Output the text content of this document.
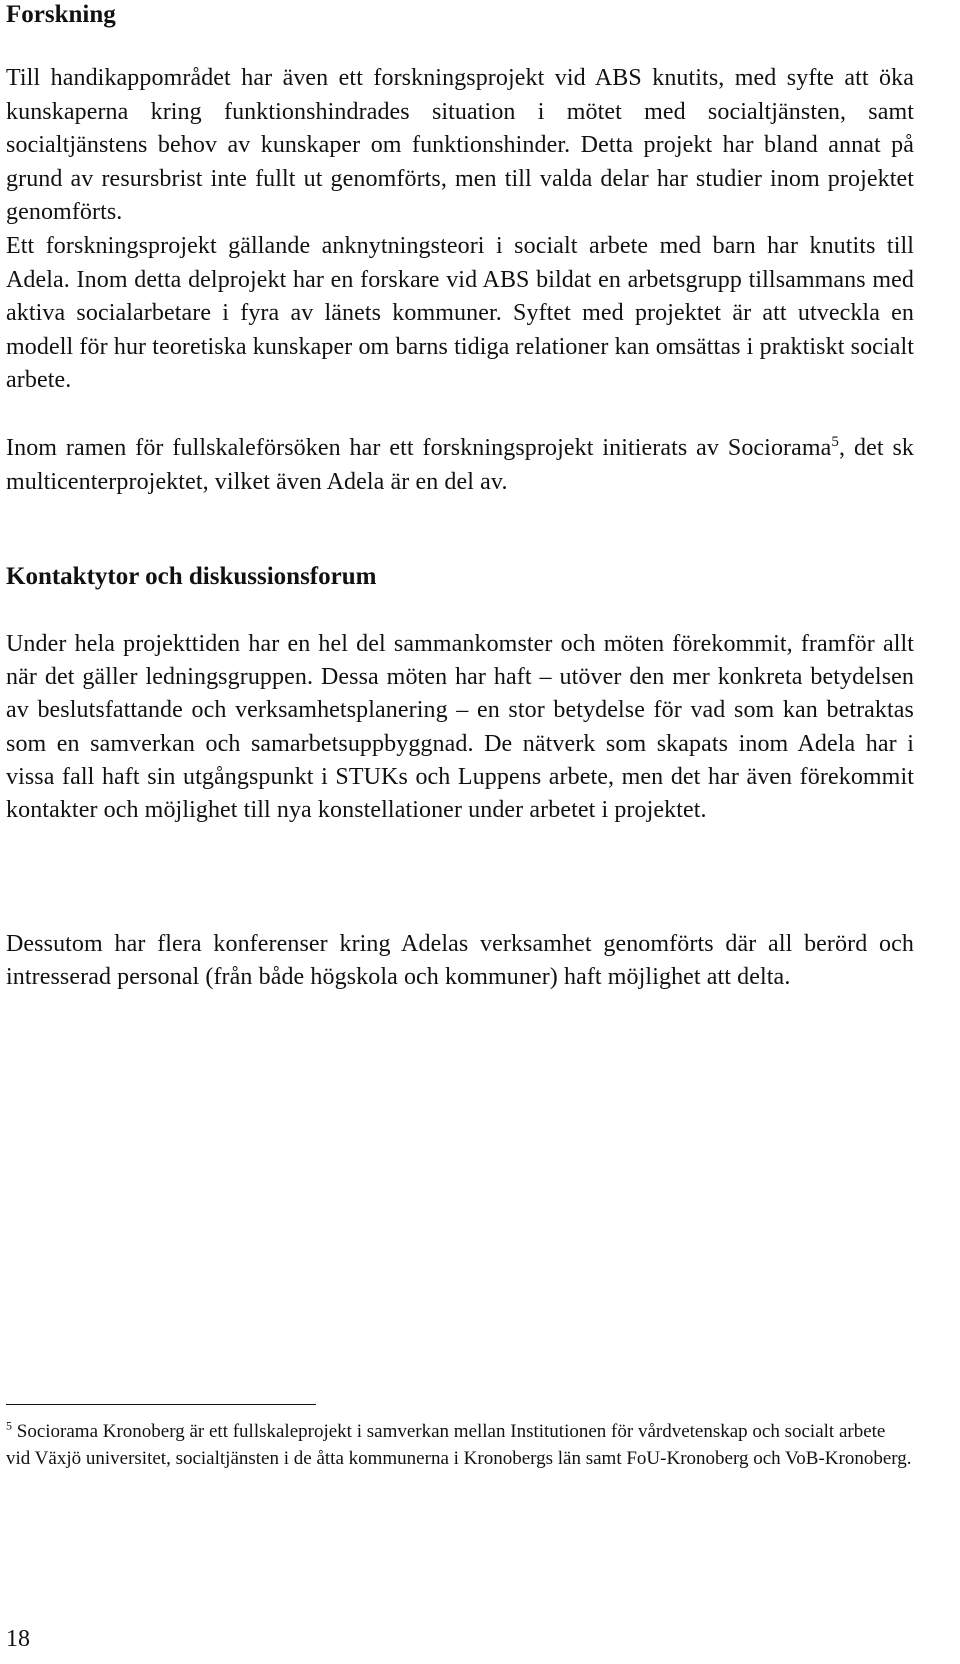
Forskning

Till handikappområdet har även ett forskningsprojekt vid ABS knutits, med syfte att öka kunskaperna kring funktionshindrades situation i mötet med socialtjänsten, samt socialtjänstens behov av kunskaper om funktionshinder. Detta projekt har bland annat på grund av resursbrist inte fullt ut genomförts, men till valda delar har studier inom projektet genomförts.

Ett forskningsprojekt gällande anknytningsteori i socialt arbete med barn har knutits till Adela. Inom detta delprojekt har en forskare vid ABS bildat en arbetsgrupp tillsammans med aktiva socialarbetare i fyra av länets kommuner. Syftet med projektet är att utveckla en modell för hur teoretiska kunskaper om barns tidiga relationer kan omsättas i praktiskt socialt arbete.

Inom ramen för fullskaleförsöken har ett forskningsprojekt initierats av Sociorama$^5$, det sk multicenterprojektet, vilket även Adela är en del av.

Kontaktytor och diskussionsforum

Under hela projekttiden har en hel del sammankomster och möten förekommit, framför allt när det gäller ledningsgruppen. Dessa möten har haft – utöver den mer konkreta betydelsen av beslutsfattande och verksamhetsplanering – en stor betydelse för vad som kan betraktas som en samverkan och samarbetsuppbyggnad. De nätverk som skapats inom Adela har i vissa fall haft sin utgångspunkt i STUKs och Luppens arbete, men det har även förekommit kontakter och möjlighet till nya konstellationer under arbetet i projektet.

Dessutom har flera konferenser kring Adelas verksamhet genomförts där all berörd och intresserad personal (från både högskola och kommuner) haft möjlighet att delta.

$^5$ Sociorama Kronoberg är ett fullskaleprojekt i samverkan mellan Institutionen för vårdvetenskap och socialt arbete vid Växjö universitet, socialtjänsten i de åtta kommunerna i Kronobergs län samt FoU-Kronoberg och VoB-Kronoberg.

18
